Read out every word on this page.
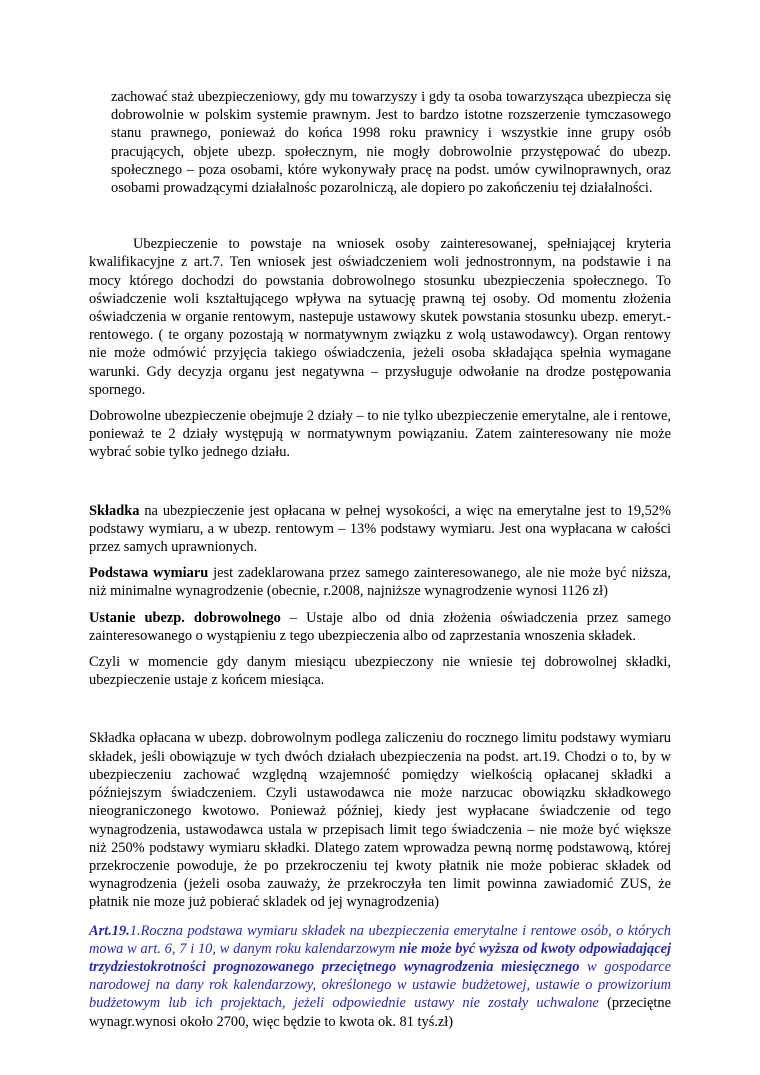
zachować staż ubezpieczeniowy, gdy mu towarzyszy i gdy ta osoba towarzysząca ubezpiecza się dobrowolnie w polskim systemie prawnym. Jest to bardzo istotne rozszerzenie tymczasowego stanu prawnego, ponieważ do końca 1998 roku prawnicy i wszystkie inne grupy osób pracujących, objete ubezp. społecznym, nie mogły dobrowolnie przystępować do ubezp. społecznego – poza osobami, które wykonywały pracę na podst. umów cywilnoprawnych, oraz osobami prowadzącymi działalnośc pozarolniczą, ale dopiero po zakończeniu tej działalności.

Ubezpieczenie to powstaje na wniosek osoby zainteresowanej, spełniającej kryteria kwalifikacyjne z art.7. Ten wniosek jest oświadczeniem woli jednostronnym, na podstawie i na mocy którego dochodzi do powstania dobrowolnego stosunku ubezpieczenia społecznego. To oświadczenie woli kształtującego wpływa na sytuację prawną tej osoby. Od momentu złożenia oświadczenia w organie rentowym, nastepuje ustawowy skutek powstania stosunku ubezp. emeryt.-rentowego. ( te organy pozostają w normatywnym związku z wolą ustawodawcy). Organ rentowy nie może odmówić przyjęcia takiego oświadczenia, jeżeli osoba składająca spełnia wymagane warunki. Gdy decyzja organu jest negatywna – przysługuje odwołanie na drodze postępowania spornego.

Dobrowolne ubezpieczenie obejmuje 2 działy – to nie tylko ubezpieczenie emerytalne, ale i rentowe, ponieważ te 2 działy występują w normatywnym powiązaniu. Zatem zainteresowany nie może wybrać sobie tylko jednego działu.

Składka na ubezpieczenie jest opłacana w pełnej wysokości, a więc na emerytalne jest to 19,52% podstawy wymiaru, a w ubezp. rentowym – 13% podstawy wymiaru. Jest ona wypłacana w całości przez samych uprawnionych.

Podstawa wymiaru jest zadeklarowana przez samego zainteresowanego, ale nie może być niższa, niż minimalne wynagrodzenie (obecnie, r.2008, najniższe wynagrodzenie wynosi 1126 zł)

Ustanie ubezp. dobrowolnego – Ustaje albo od dnia złożenia oświadczenia przez samego zainteresowanego o wystąpieniu z tego ubezpieczenia albo od zaprzestania wnoszenia składek.

Czyli w momencie gdy danym miesiącu ubezpieczony nie wniesie tej dobrowolnej składki, ubezpieczenie ustaje z końcem miesiąca.

Składka opłacana w ubezp. dobrowolnym podlega zaliczeniu do rocznego limitu podstawy wymiaru składek, jeśli obowiązuje w tych dwóch działach ubezpieczenia na podst. art.19. Chodzi o to, by w ubezpieczeniu zachować względną wzajemność pomiędzy wielkością opłacanej składki a późniejszym świadczeniem. Czyli ustawodawca nie może narzucac obowiązku składkowego nieograniczonego kwotowo. Ponieważ później, kiedy jest wypłacane świadczenie od tego wynagrodzenia, ustawodawca ustala w przepisach limit tego świadczenia – nie może być większe niż 250% podstawy wymiaru składki. Dlatego zatem wprowadza pewną normę podstawową, której przekroczenie powoduje, że po przekroczeniu tej kwoty płatnik nie może pobierac składek od wynagrodzenia (jeżeli osoba zauważy, że przekroczyła ten limit powinna zawiadomić ZUS, że płatnik nie moze już pobierać skladek od jej wynagrodzenia)

Art.19.1.Roczna podstawa wymiaru składek na ubezpieczenia emerytalne i rentowe osób, o których mowa w art. 6, 7 i 10, w danym roku kalendarzowym nie może być wyższa od kwoty odpowiadającej trzydziestokrotności prognozowanego przeciętnego wynagrodzenia miesięcznego w gospodarce narodowej na dany rok kalendarzowy, określonego w ustawie budżetowej, ustawie o prowizorium budżetowym lub ich projektach, jeżeli odpowiednie ustawy nie zostały uchwalone (przeciętne wynagr.wynosi około 2700, więc będzie to kwota ok. 81 tyś.zł)
